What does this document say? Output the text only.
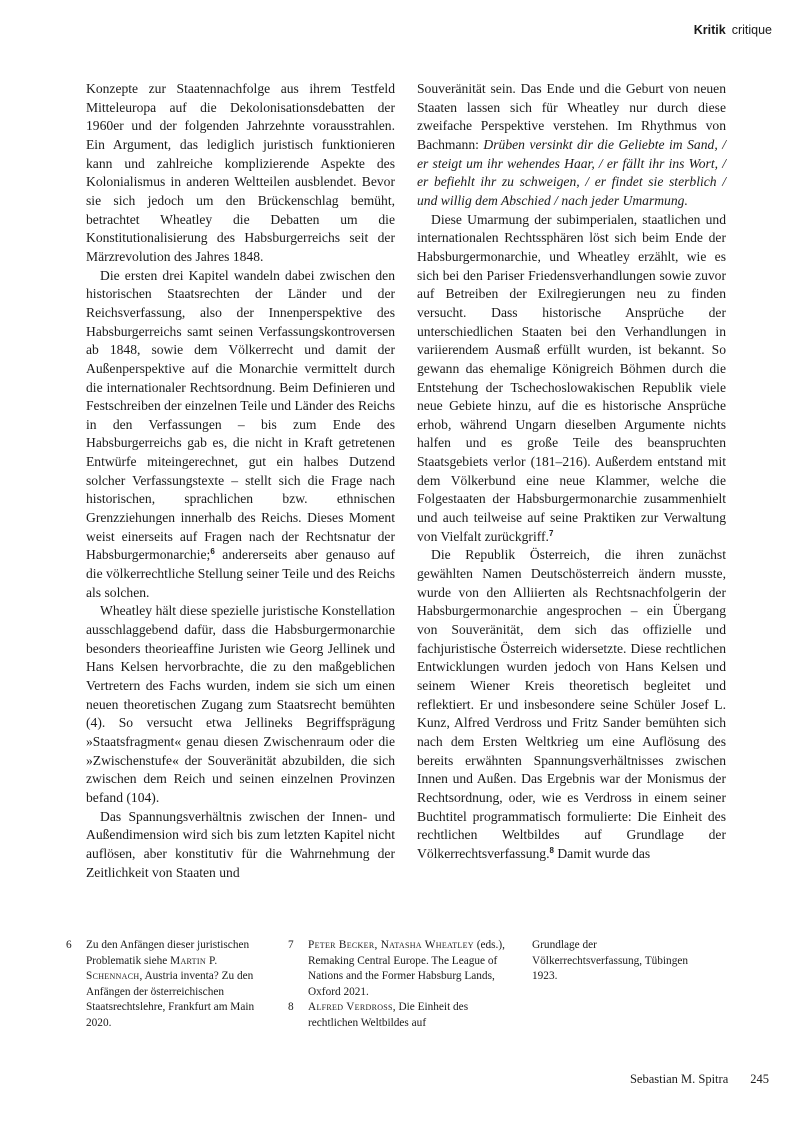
Kritik critique

Konzepte zur Staatennachfolge aus ihrem Testfeld Mitteleuropa auf die Dekolonisationsdebatten der 1960er und der folgenden Jahrzehnte vorausstrahlen. Ein Argument, das lediglich juristisch funktionieren kann und zahlreiche komplizierende Aspekte des Kolonialismus in anderen Weltteilen ausblendet. Bevor sie sich jedoch um den Brückenschlag bemüht, betrachtet Wheatley die Debatten um die Konstitutionalisierung des Habsburgerreichs seit der Märzrevolution des Jahres 1848.

Die ersten drei Kapitel wandeln dabei zwischen den historischen Staatsrechten der Länder und der Reichsverfassung, also der Innenperspektive des Habsburgerreichs samt seinen Verfassungskontroversen ab 1848, sowie dem Völkerrecht und damit der Außenperspektive auf die Monarchie vermittelt durch die internationaler Rechtsordnung. Beim Definieren und Festschreiben der einzelnen Teile und Länder des Reichs in den Verfassungen – bis zum Ende des Habsburgerreichs gab es, die nicht in Kraft getretenen Entwürfe miteingerechnet, gut ein halbes Dutzend solcher Verfassungstexte – stellt sich die Frage nach historischen, sprachlichen bzw. ethnischen Grenzziehungen innerhalb des Reichs. Dieses Moment weist einerseits auf Fragen nach der Rechtsnatur der Habsburgermonarchie;$^6$ andererseits aber genauso auf die völkerrechtliche Stellung seiner Teile und des Reichs als solchen.

Wheatley hält diese spezielle juristische Konstellation ausschlaggebend dafür, dass die Habsburgermonarchie besonders theorieaffine Juristen wie Georg Jellinek und Hans Kelsen hervorbrachte, die zu den maßgeblichen Vertretern des Fachs wurden, indem sie sich um einen neuen theoretischen Zugang zum Staatsrecht bemühten (4). So versucht etwa Jellineks Begriffsprägung »Staatsfragment« genau diesen Zwischenraum oder die »Zwischenstufe« der Souveränität abzubilden, die sich zwischen dem Reich und seinen einzelnen Provinzen befand (104).

Das Spannungsverhältnis zwischen der Innen- und Außendimension wird sich bis zum letzten Kapitel nicht auflösen, aber konstitutiv für die Wahrnehmung der Zeitlichkeit von Staaten und

Souveränität sein. Das Ende und die Geburt von neuen Staaten lassen sich für Wheatley nur durch diese zweifache Perspektive verstehen. Im Rhythmus von Bachmann: Drüben versinkt dir die Geliebte im Sand, / er steigt um ihr wehendes Haar, / er fällt ihr ins Wort, / er befiehlt ihr zu schweigen, / er findet sie sterblich / und willig dem Abschied / nach jeder Umarmung.

Diese Umarmung der subimperialen, staatlichen und internationalen Rechtssphären löst sich beim Ende der Habsburgermonarchie, und Wheatley erzählt, wie es sich bei den Pariser Friedensverhandlungen sowie zuvor auf Betreiben der Exilregierungen neu zu finden versucht. Dass historische Ansprüche der unterschiedlichen Staaten bei den Verhandlungen in variierendem Ausmaß erfüllt wurden, ist bekannt. So gewann das ehemalige Königreich Böhmen durch die Entstehung der Tschechoslowakischen Republik viele neue Gebiete hinzu, auf die es historische Ansprüche erhob, während Ungarn dieselben Argumente nichts halfen und es große Teile des beanspruchten Staatsgebiets verlor (181–216). Außerdem entstand mit dem Völkerbund eine neue Klammer, welche die Folgestaaten der Habsburgermonarchie zusammenhielt und auch teilweise auf seine Praktiken zur Verwaltung von Vielfalt zurückgriff.$^7$

Die Republik Österreich, die ihren zunächst gewählten Namen Deutschösterreich ändern musste, wurde von den Alliierten als Rechtsnachfolgerin der Habsburgermonarchie angesprochen – ein Übergang von Souveränität, dem sich das offizielle und fachjuristische Österreich widersetzte. Diese rechtlichen Entwicklungen wurden jedoch von Hans Kelsen und seinem Wiener Kreis theoretisch begleitet und reflektiert. Er und insbesondere seine Schüler Josef L. Kunz, Alfred Verdross und Fritz Sander bemühten sich nach dem Ersten Weltkrieg um eine Auflösung des bereits erwähnten Spannungsverhältnisses zwischen Innen und Außen. Das Ergebnis war der Monismus der Rechtsordnung, oder, wie es Verdross in einem seiner Buchtitel programmatisch formulierte: Die Einheit des rechtlichen Weltbildes auf Grundlage der Völkerrechtsverfassung.$^8$ Damit wurde das

6 Zu den Anfängen dieser juristischen Problematik siehe Martin P. Schennach, Austria inventa? Zu den Anfängen der österreichischen Staatsrechtslehre, Frankfurt am Main 2020.
7 Peter Becker, Natasha Wheatley (eds.), Remaking Central Europe. The League of Nations and the Former Habsburg Lands, Oxford 2021.
8 Alfred Verdross, Die Einheit des rechtlichen Weltbildes auf
Grundlage der Völkerrechtsverfassung, Tübingen 1923.
Sebastian M. Spitra 245
